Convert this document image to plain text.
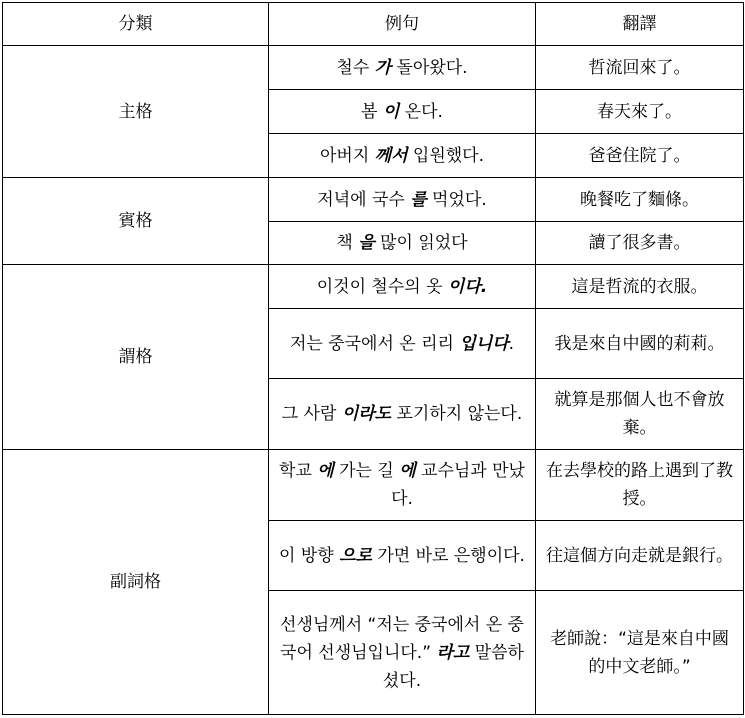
分類	例句	翻譯
主格	철수 가 돌아왔다.	哲流回來了。
	봄 이 온다.	春天來了。
	아버지 께서 입원했다.	爸爸住院了。
賓格	저녁에 국수 를 먹었다.	晚餐吃了麵條。
	책 을 많이 읽었다	讀了很多書。
謂格	이것이 철수의 옷 이다.	這是哲流的衣服。
	저는 중국에서 온 리리 입니다.	我是來自中國的莉莉。
	그 사람 이라도 포기하지 않는다.	就算是那個人也不會放棄。
副詞格	학교 에 가는 길 에 교수님과 만났다.	在去學校的路上遇到了教授。
	이 방향 으로 가면 바로 은행이다.	往這個方向走就是銀行。
	선생님께서 “저는 중국에서 온 중국어 선생님입니다.” 라고 말씀하셨다.	老師說：“這是來自中國的中文老師。”
